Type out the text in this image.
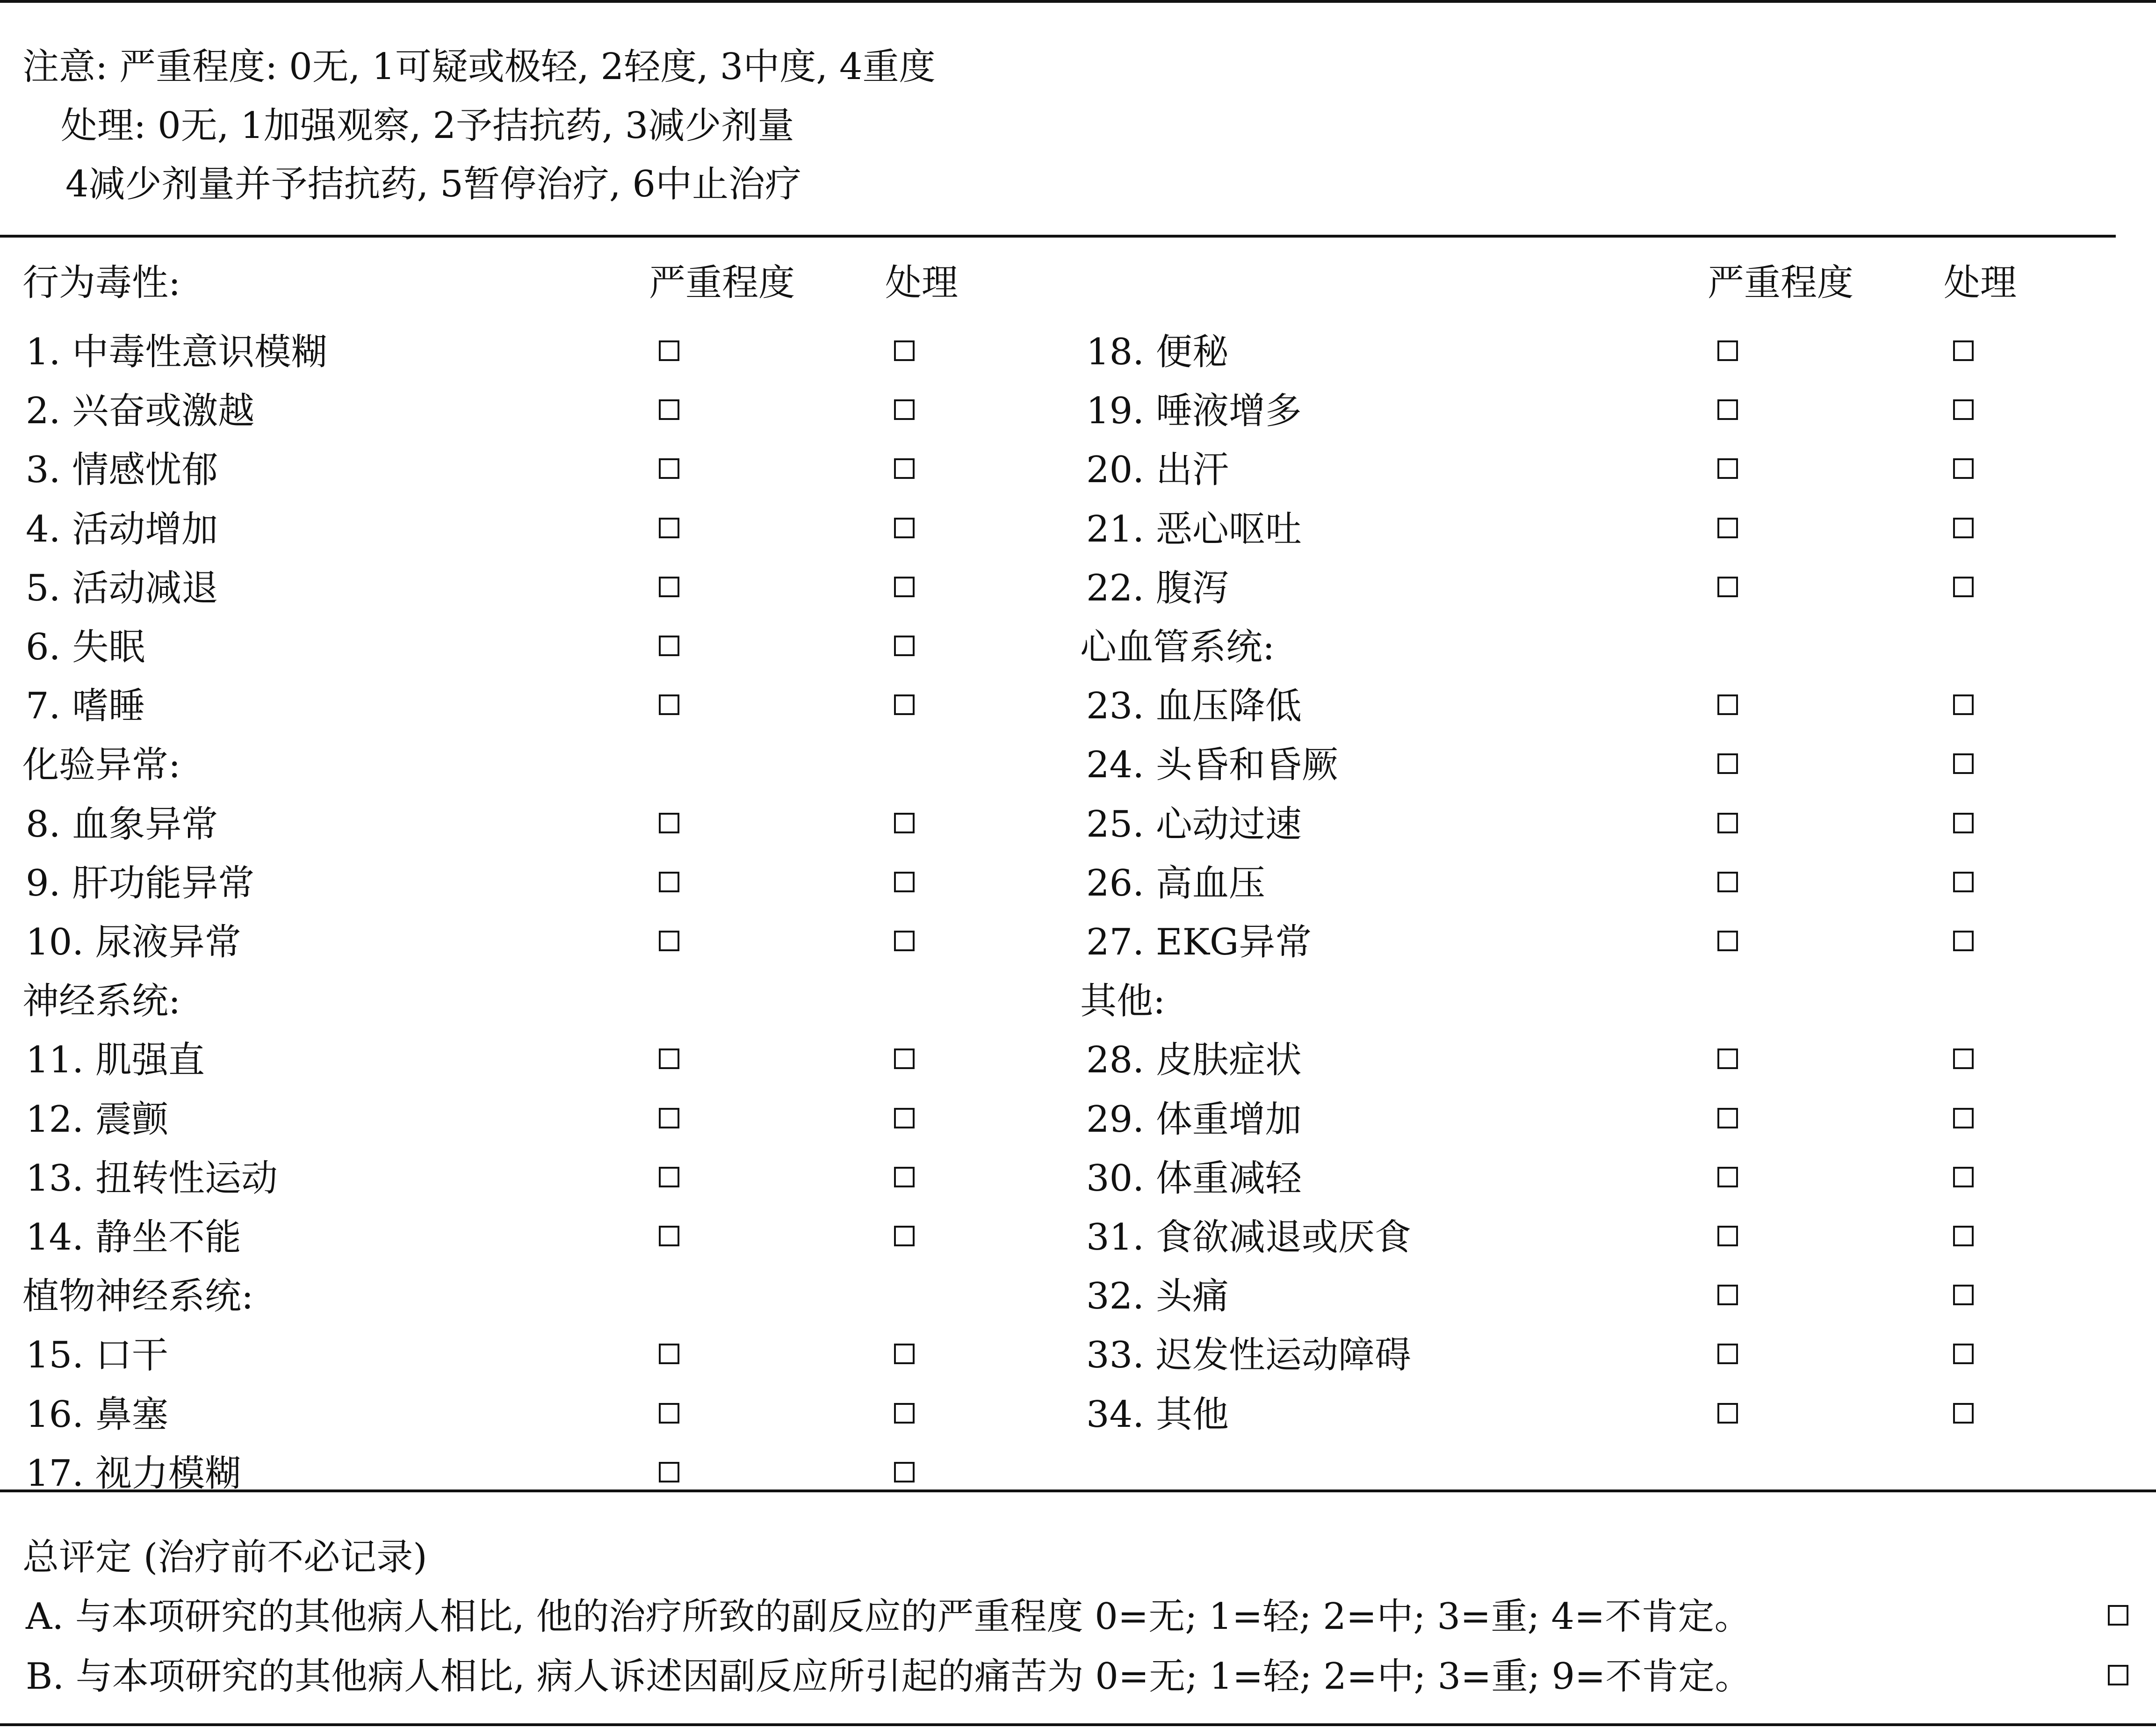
注意: 严重程度: 0无, 1可疑或极轻, 2轻度, 3中度, 4重度
处理: 0无, 1加强观察, 2予拮抗药, 3减少剂量
4减少剂量并予拮抗药, 5暂停治疗, 6中止治疗
行为毒性:	严重程度 处理	严重程度 处理
1. 中毒性意识模糊
2. 兴奋或激越
3. 情感忧郁
4. 活动增加
5. 活动减退
6. 失眠
7. 嗜睡
化验异常:
8. 血象异常
9. 肝功能异常
10. 尿液异常
神经系统:
11. 肌强直
12. 震颤
13. 扭转性运动
14. 静坐不能
植物神经系统:
15. 口干
16. 鼻塞
17. 视力模糊
18. 便秘
19. 唾液增多
20. 出汗
21. 恶心呕吐
22. 腹泻
心血管系统:
23. 血压降低
24. 头昏和昏厥
25. 心动过速
26. 高血压
27. EKG异常
其他:
28. 皮肤症状
29. 体重增加
30. 体重减轻
31. 食欲减退或厌食
32. 头痛
33. 迟发性运动障碍
34. 其他
总评定 (治疗前不必记录)
A. 与本项研究的其他病人相比, 他的治疗所致的副反应的严重程度 0=无; 1=轻; 2=中; 3=重; 4=不肯定。
B. 与本项研究的其他病人相比, 病人诉述因副反应所引起的痛苦为 0=无; 1=轻; 2=中; 3=重; 9=不肯定。
